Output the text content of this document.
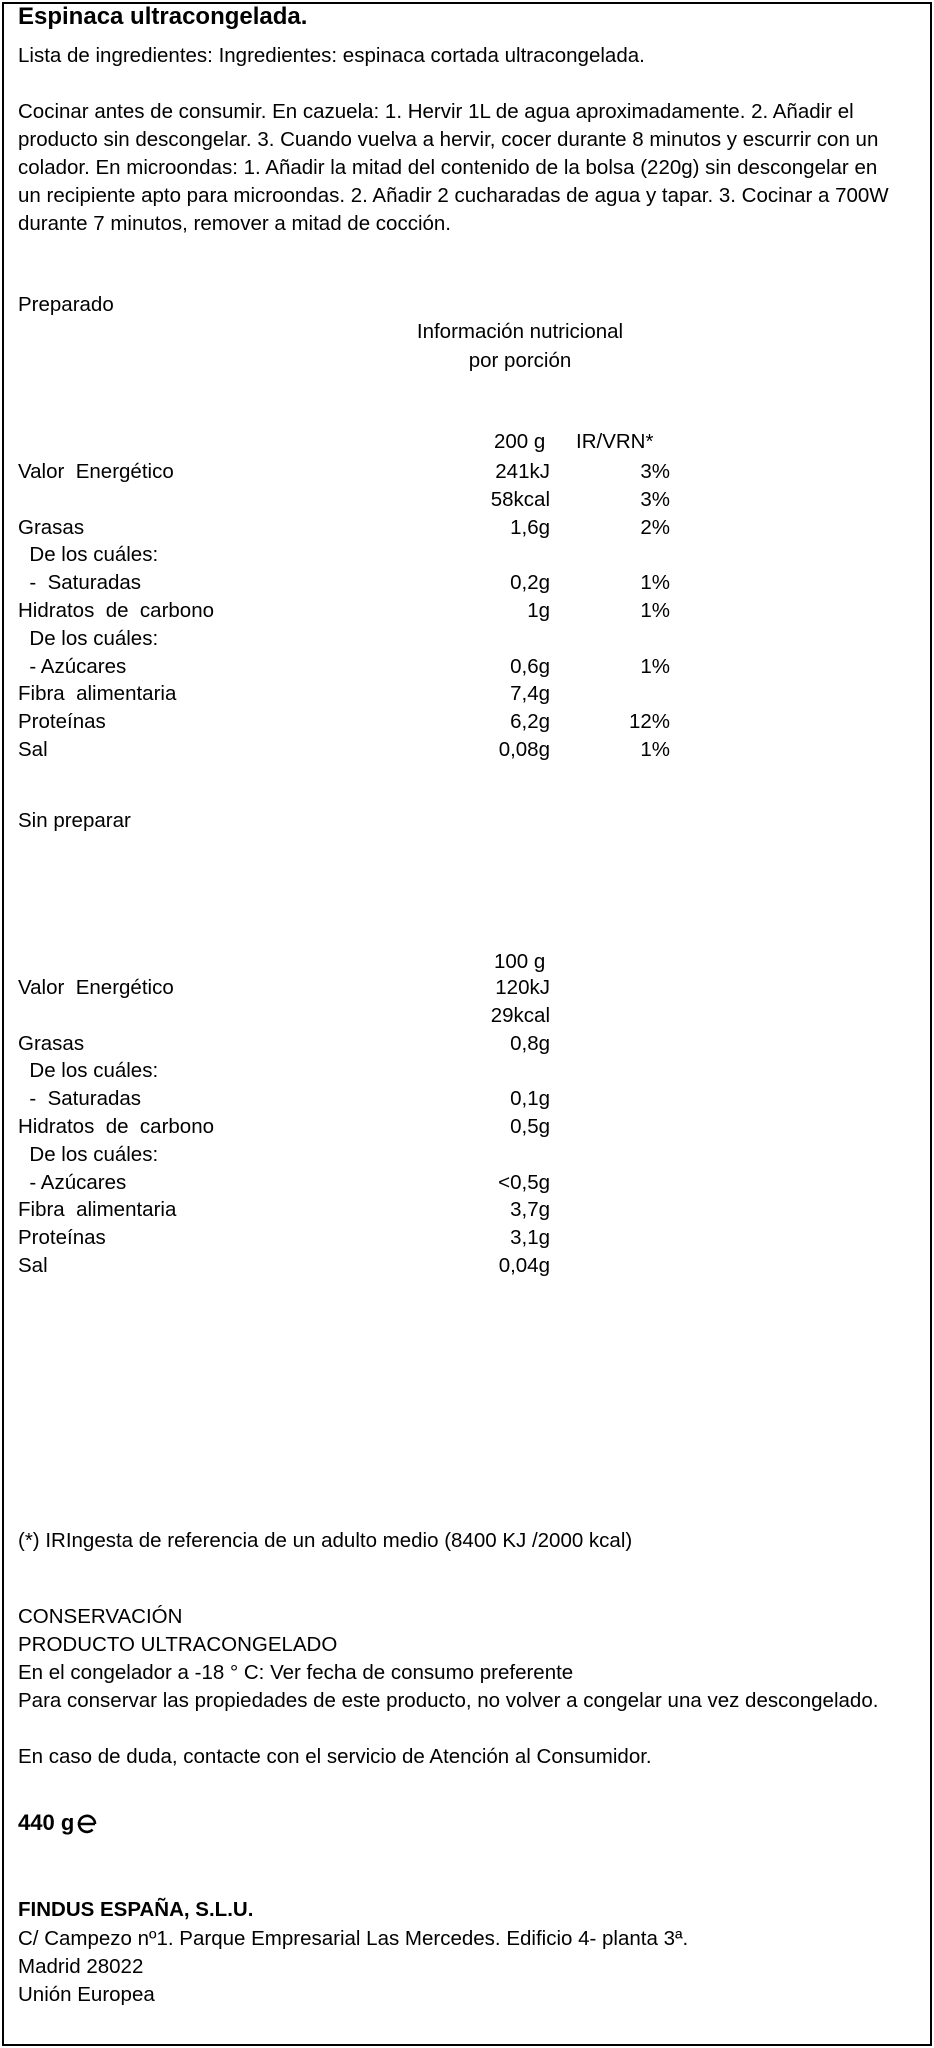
Espinaca ultracongelada.
Lista de ingredientes: Ingredientes: espinaca cortada ultracongelada.
Cocinar antes de consumir. En cazuela: 1. Hervir 1L de agua aproximadamente. 2. Añadir el producto sin descongelar. 3. Cuando vuelva a hervir, cocer durante 8 minutos y escurrir con un colador. En microondas: 1. Añadir la mitad del contenido de la bolsa (220g) sin descongelar en un recipiente apto para microondas. 2. Añadir 2 cucharadas de agua y tapar. 3. Cocinar a 700W durante 7 minutos, remover a mitad de cocción.
Preparado
Información nutricional
por porción
200 g IR/VRN*
Valor  Energético	241kJ	3%
58kcal	3%
Grasas	1,6g	2%
De los cuáles:
-  Saturadas	0,2g	1%
Hidratos  de  carbono	1g	1%
De los cuáles:
- Azúcares	0,6g	1%
Fibra  alimentaria	7,4g
Proteínas	6,2g	12%
Sal	0,08g	1%
Sin preparar
100 g
Valor  Energético	120kJ
29kcal
Grasas	0,8g
De los cuáles:
-  Saturadas	0,1g
Hidratos  de  carbono	0,5g
De los cuáles:
- Azúcares	<0,5g
Fibra  alimentaria	3,7g
Proteínas	3,1g
Sal	0,04g
(*) IRIngesta de referencia de un adulto medio (8400 KJ /2000 kcal)
CONSERVACIÓN
PRODUCTO ULTRACONGELADO
En el congelador a -18 ° C: Ver fecha de consumo preferente
Para conservar las propiedades de este producto, no volver a congelar una vez descongelado.
En caso de duda, contacte con el servicio de Atención al Consumidor.
440 g
FINDUS ESPAÑA, S.L.U.
C/ Campezo nº1. Parque Empresarial Las Mercedes. Edificio 4- planta 3ª.
Madrid 28022
Unión Europea
